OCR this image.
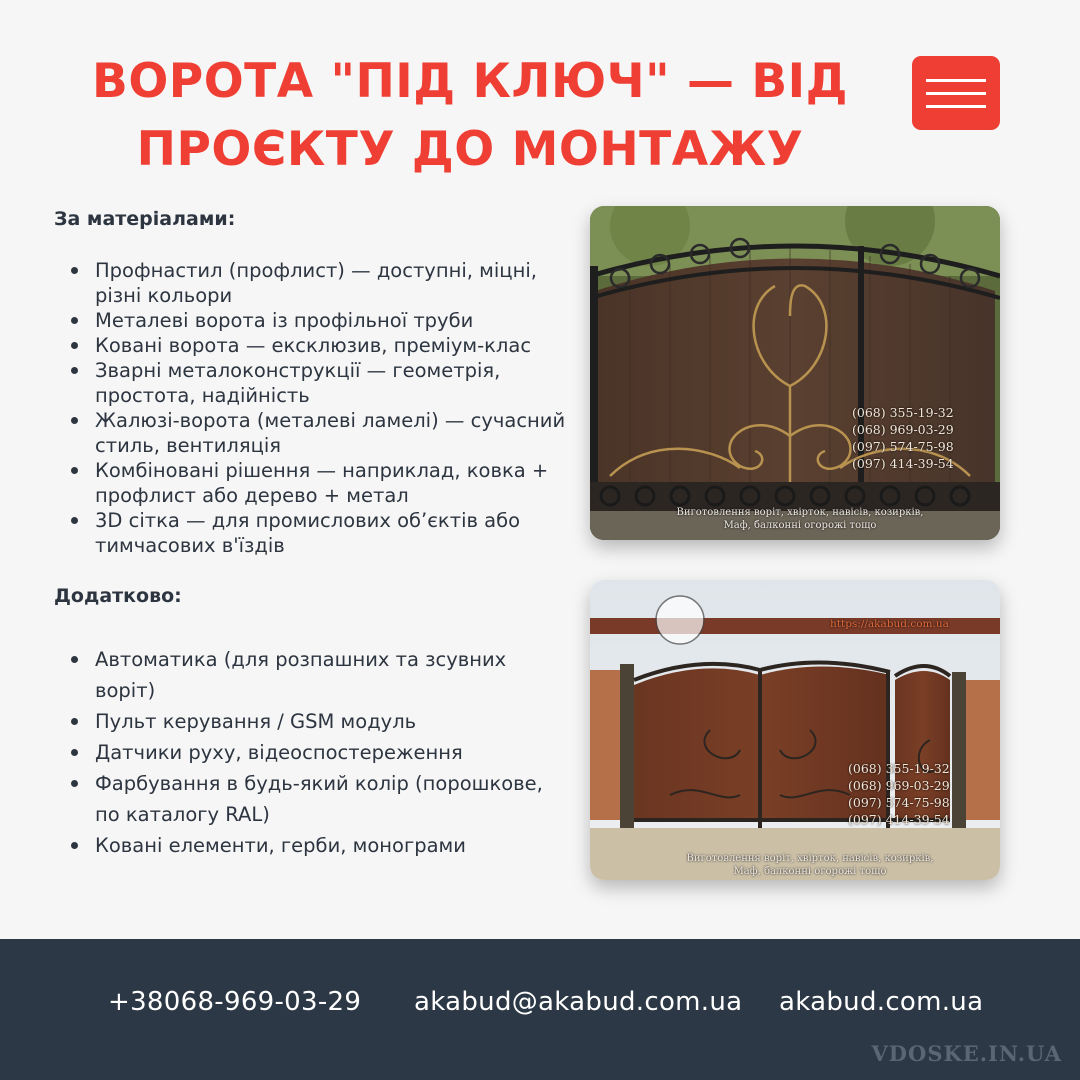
ВОРОТА "ПІД КЛЮЧ" — ВІД ПРОЄКТУ ДО МОНТАЖУ
За матеріалами:
Профнастил (профлист) — доступні, міцні, різні кольори
Металеві ворота із профільної труби
Ковані ворота — ексклюзив, преміум-клас
Зварні металоконструкції — геометрія, простота, надійність
Жалюзі-ворота (металеві ламелі) — сучасний стиль, вентиляція
Комбіновані рішення — наприклад, ковка + профлист або дерево + метал
3D сітка — для промислових об’єктів або тимчасових в'їздів
Додатково:
Автоматика (для розпашних та зсувних воріт)
Пульт керування / GSM модуль
Датчики руху, відеоспостереження
Фарбування в будь-який колір (порошкове, по каталогу RAL)
Ковані елементи, герби, монограми
(068) 355-19-32
(068) 969-03-29
(097) 574-75-98
(097) 414-39-54
Виготовлення воріт, хвірток, навісів, козирків,
Маф, балконні огорожі тощо
https://akabud.com.ua
(068) 355-19-32
(068) 969-03-29
(097) 574-75-98
(097) 414-39-54
Виготовлення воріт, хвірток, навісів, козирків,
Маф, балконні огорожі тощо
+38068-969-03-29 akabud@akabud.com.ua akabud.com.ua
VDOSKE.IN.UA
